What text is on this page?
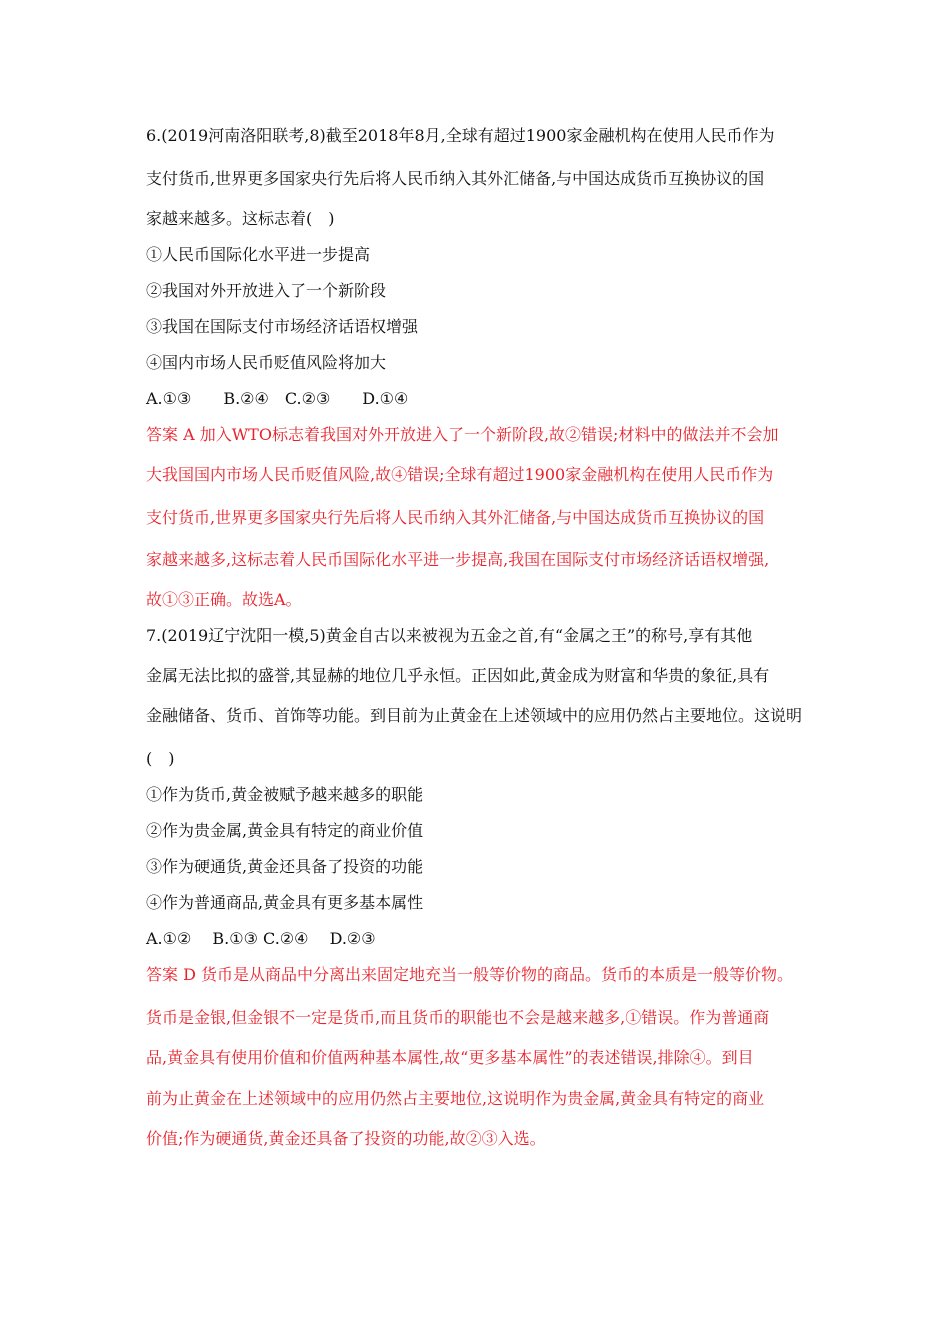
6.(2019河南洛阳联考,8)截至2018年8月,全球有超过1900家金融机构在使用人民币作为
支付货币,世界更多国家央行先后将人民币纳入其外汇储备,与中国达成货币互换协议的国
家越来越多。这标志着(　)
①人民币国际化水平进一步提高
②我国对外开放进入了一个新阶段
③我国在国际支付市场经济话语权增强
④国内市场人民币贬值风险将加大
A.①③　　B.②④　C.②③　　D.①④
答案 A 加入WTO标志着我国对外开放进入了一个新阶段,故②错误;材料中的做法并不会加
大我国国内市场人民币贬值风险,故④错误;全球有超过1900家金融机构在使用人民币作为
支付货币,世界更多国家央行先后将人民币纳入其外汇储备,与中国达成货币互换协议的国
家越来越多,这标志着人民币国际化水平进一步提高,我国在国际支付市场经济话语权增强,
故①③正确。故选A。
7.(2019辽宁沈阳一模,5)黄金自古以来被视为五金之首,有“金属之王”的称号,享有其他
金属无法比拟的盛誉,其显赫的地位几乎永恒。正因如此,黄金成为财富和华贵的象征,具有
金融储备、货币、首饰等功能。到目前为止黄金在上述领域中的应用仍然占主要地位。这说明
(　)
①作为货币,黄金被赋予越来越多的职能
②作为贵金属,黄金具有特定的商业价值
③作为硬通货,黄金还具备了投资的功能
④作为普通商品,黄金具有更多基本属性
A.①②　 B.①③ C.②④　 D.②③
答案 D 货币是从商品中分离出来固定地充当一般等价物的商品。货币的本质是一般等价物。
货币是金银,但金银不一定是货币,而且货币的职能也不会是越来越多,①错误。作为普通商
品,黄金具有使用价值和价值两种基本属性,故“更多基本属性”的表述错误,排除④。到目
前为止黄金在上述领域中的应用仍然占主要地位,这说明作为贵金属,黄金具有特定的商业
价值;作为硬通货,黄金还具备了投资的功能,故②③入选。
